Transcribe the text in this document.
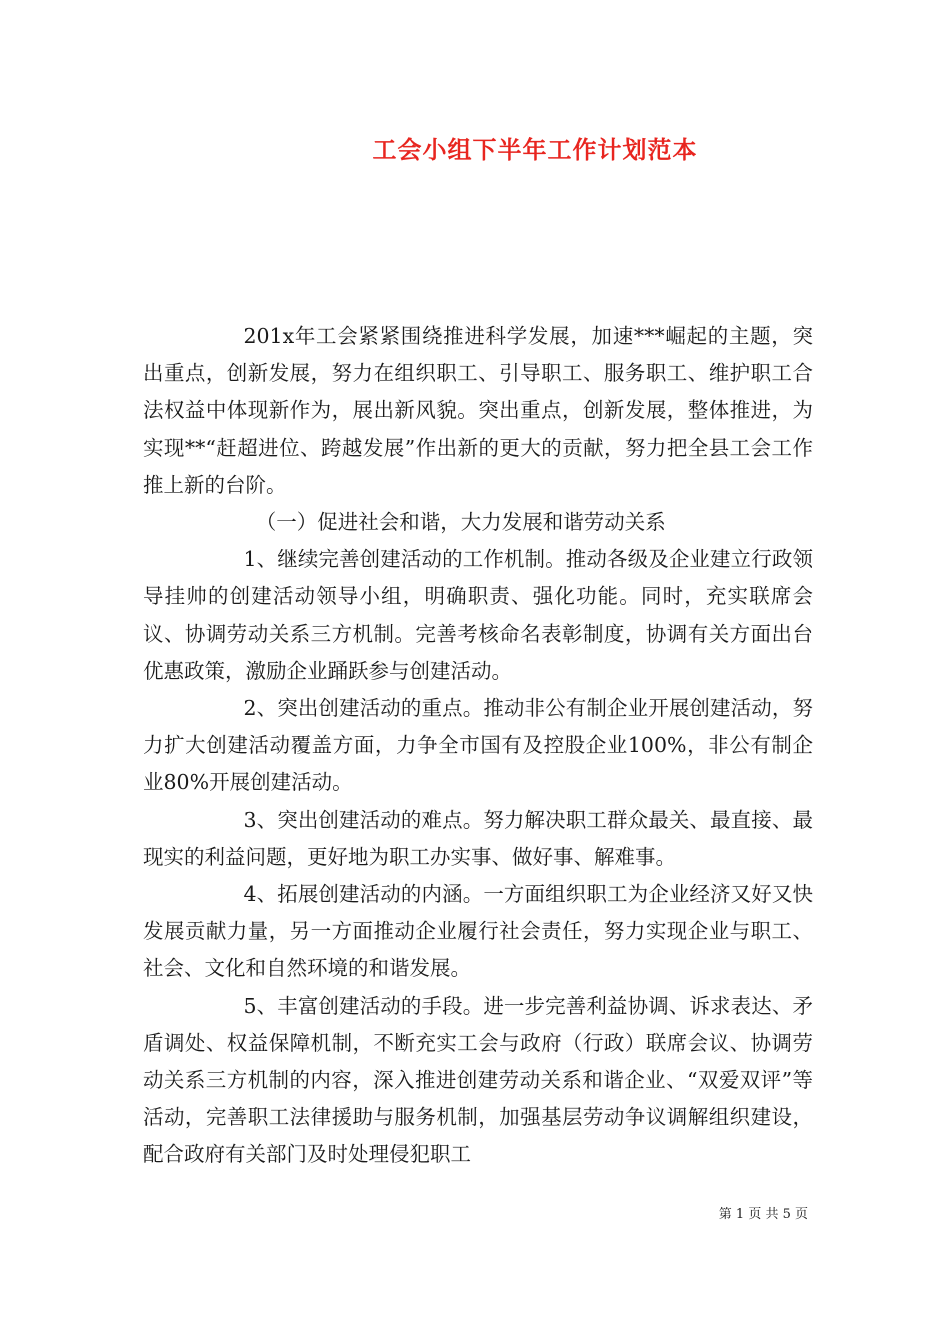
工会小组下半年工作计划范本

201x年工会紧紧围绕推进科学发展，加速***崛起的主题，突出重点，创新发展，努力在组织职工、引导职工、服务职工、维护职工合法权益中体现新作为，展出新风貌。突出重点，创新发展，整体推进，为实现**“赶超进位、跨越发展”作出新的更大的贡献，努力把全县工会工作推上新的台阶。

（一）促进社会和谐，大力发展和谐劳动关系

1、继续完善创建活动的工作机制。推动各级及企业建立行政领导挂帅的创建活动领导小组，明确职责、强化功能。同时，充实联席会议、协调劳动关系三方机制。完善考核命名表彰制度，协调有关方面出台优惠政策，激励企业踊跃参与创建活动。

2、突出创建活动的重点。推动非公有制企业开展创建活动，努力扩大创建活动覆盖方面，力争全市国有及控股企业100%，非公有制企业80%开展创建活动。

3、突出创建活动的难点。努力解决职工群众最关、最直接、最现实的利益问题，更好地为职工办实事、做好事、解难事。

4、拓展创建活动的内涵。一方面组织职工为企业经济又好又快发展贡献力量，另一方面推动企业履行社会责任，努力实现企业与职工、社会、文化和自然环境的和谐发展。

5、丰富创建活动的手段。进一步完善利益协调、诉求表达、矛盾调处、权益保障机制，不断充实工会与政府（行政）联席会议、协调劳动关系三方机制的内容，深入推进创建劳动关系和谐企业、“双爱双评”等活动，完善职工法律援助与服务机制，加强基层劳动争议调解组织建设，配合政府有关部门及时处理侵犯职工

第 1 页 共 5 页
